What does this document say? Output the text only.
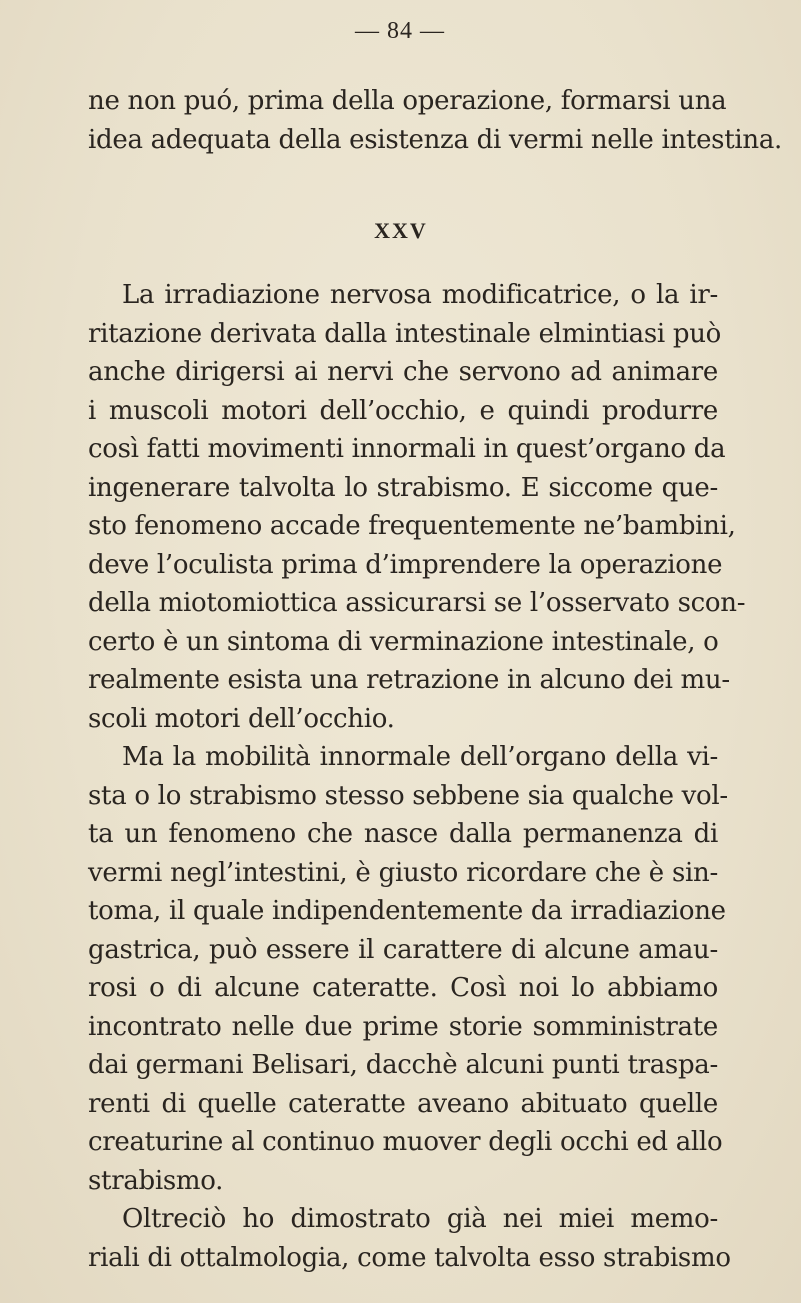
— 84 —
ne non puó, prima della operazione, formarsi una
idea adequata della esistenza di vermi nelle intestina.
XXV
La irradiazione nervosa modificatrice, o la ir-
ritazione derivata dalla intestinale elmintiasi può
anche dirigersi ai nervi che servono ad animare
i muscoli motori dell’occhio, e quindi produrre
così fatti movimenti innormali in quest’organo da
ingenerare talvolta lo strabismo. E siccome que-
sto fenomeno accade frequentemente ne’bambini,
deve l’oculista prima d’imprendere la operazione
della miotomiottica assicurarsi se l’osservato scon-
certo è un sintoma di verminazione intestinale, o
realmente esista una retrazione in alcuno dei mu-
scoli motori dell’occhio.
Ma la mobilità innormale dell’organo della vi-
sta o lo strabismo stesso sebbene sia qualche vol-
ta un fenomeno che nasce dalla permanenza di
vermi negl’intestini, è giusto ricordare che è sin-
toma, il quale indipendentemente da irradiazione
gastrica, può essere il carattere di alcune amau-
rosi o di alcune cateratte. Così noi lo abbiamo
incontrato nelle due prime storie somministrate
dai germani Belisari, dacchè alcuni punti traspa-
renti di quelle cateratte aveano abituato quelle
creaturine al continuo muover degli occhi ed allo
strabismo.
Oltreciò ho dimostrato già nei miei memo-
riali di ottalmologia, come talvolta esso strabismo
